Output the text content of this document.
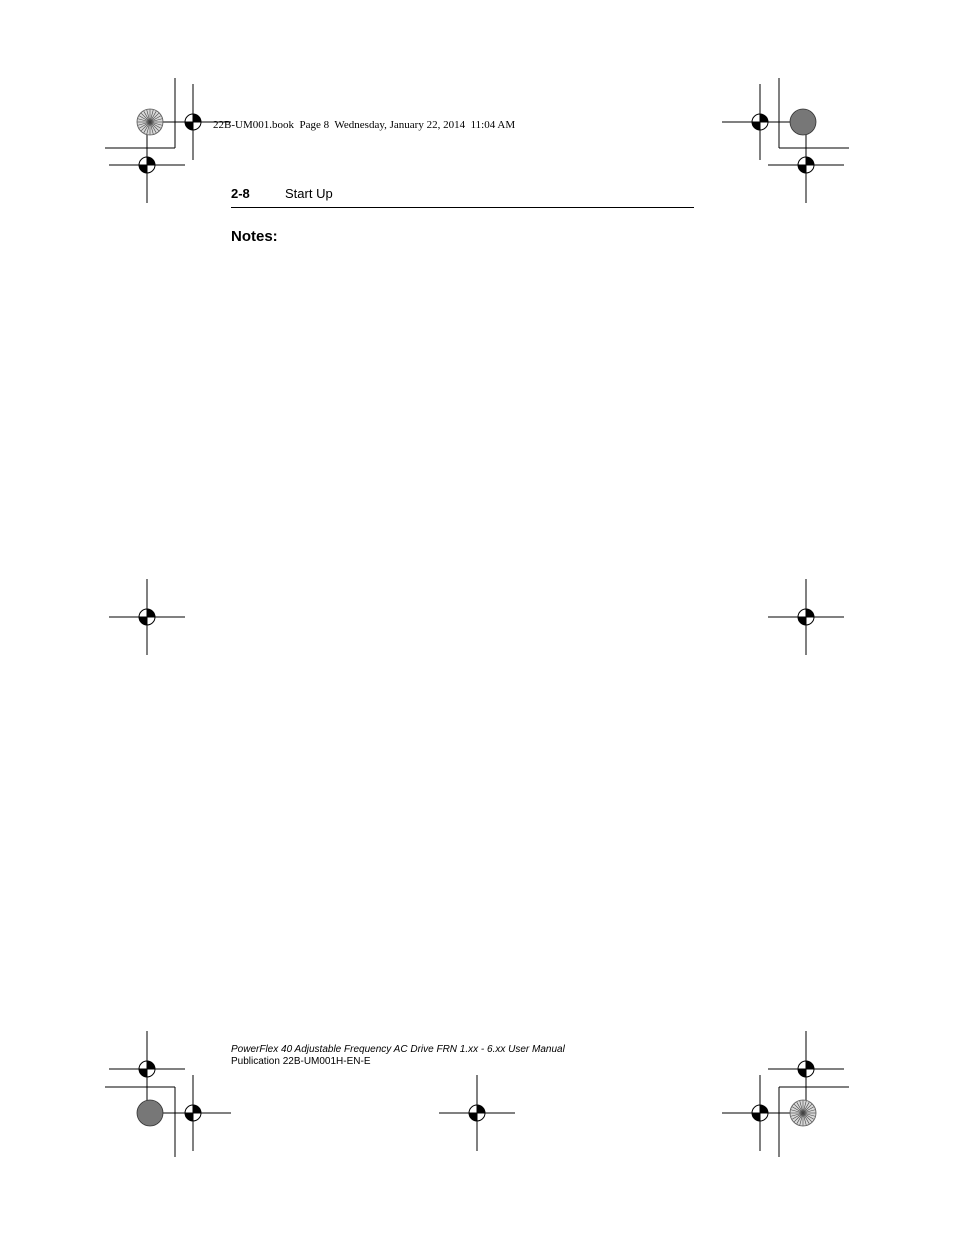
22B-UM001.book  Page 8  Wednesday, January 22, 2014  11:04 AM
2-8	Start Up
Notes:
PowerFlex 40 Adjustable Frequency AC Drive FRN 1.xx - 6.xx User Manual
Publication 22B-UM001H-EN-E
